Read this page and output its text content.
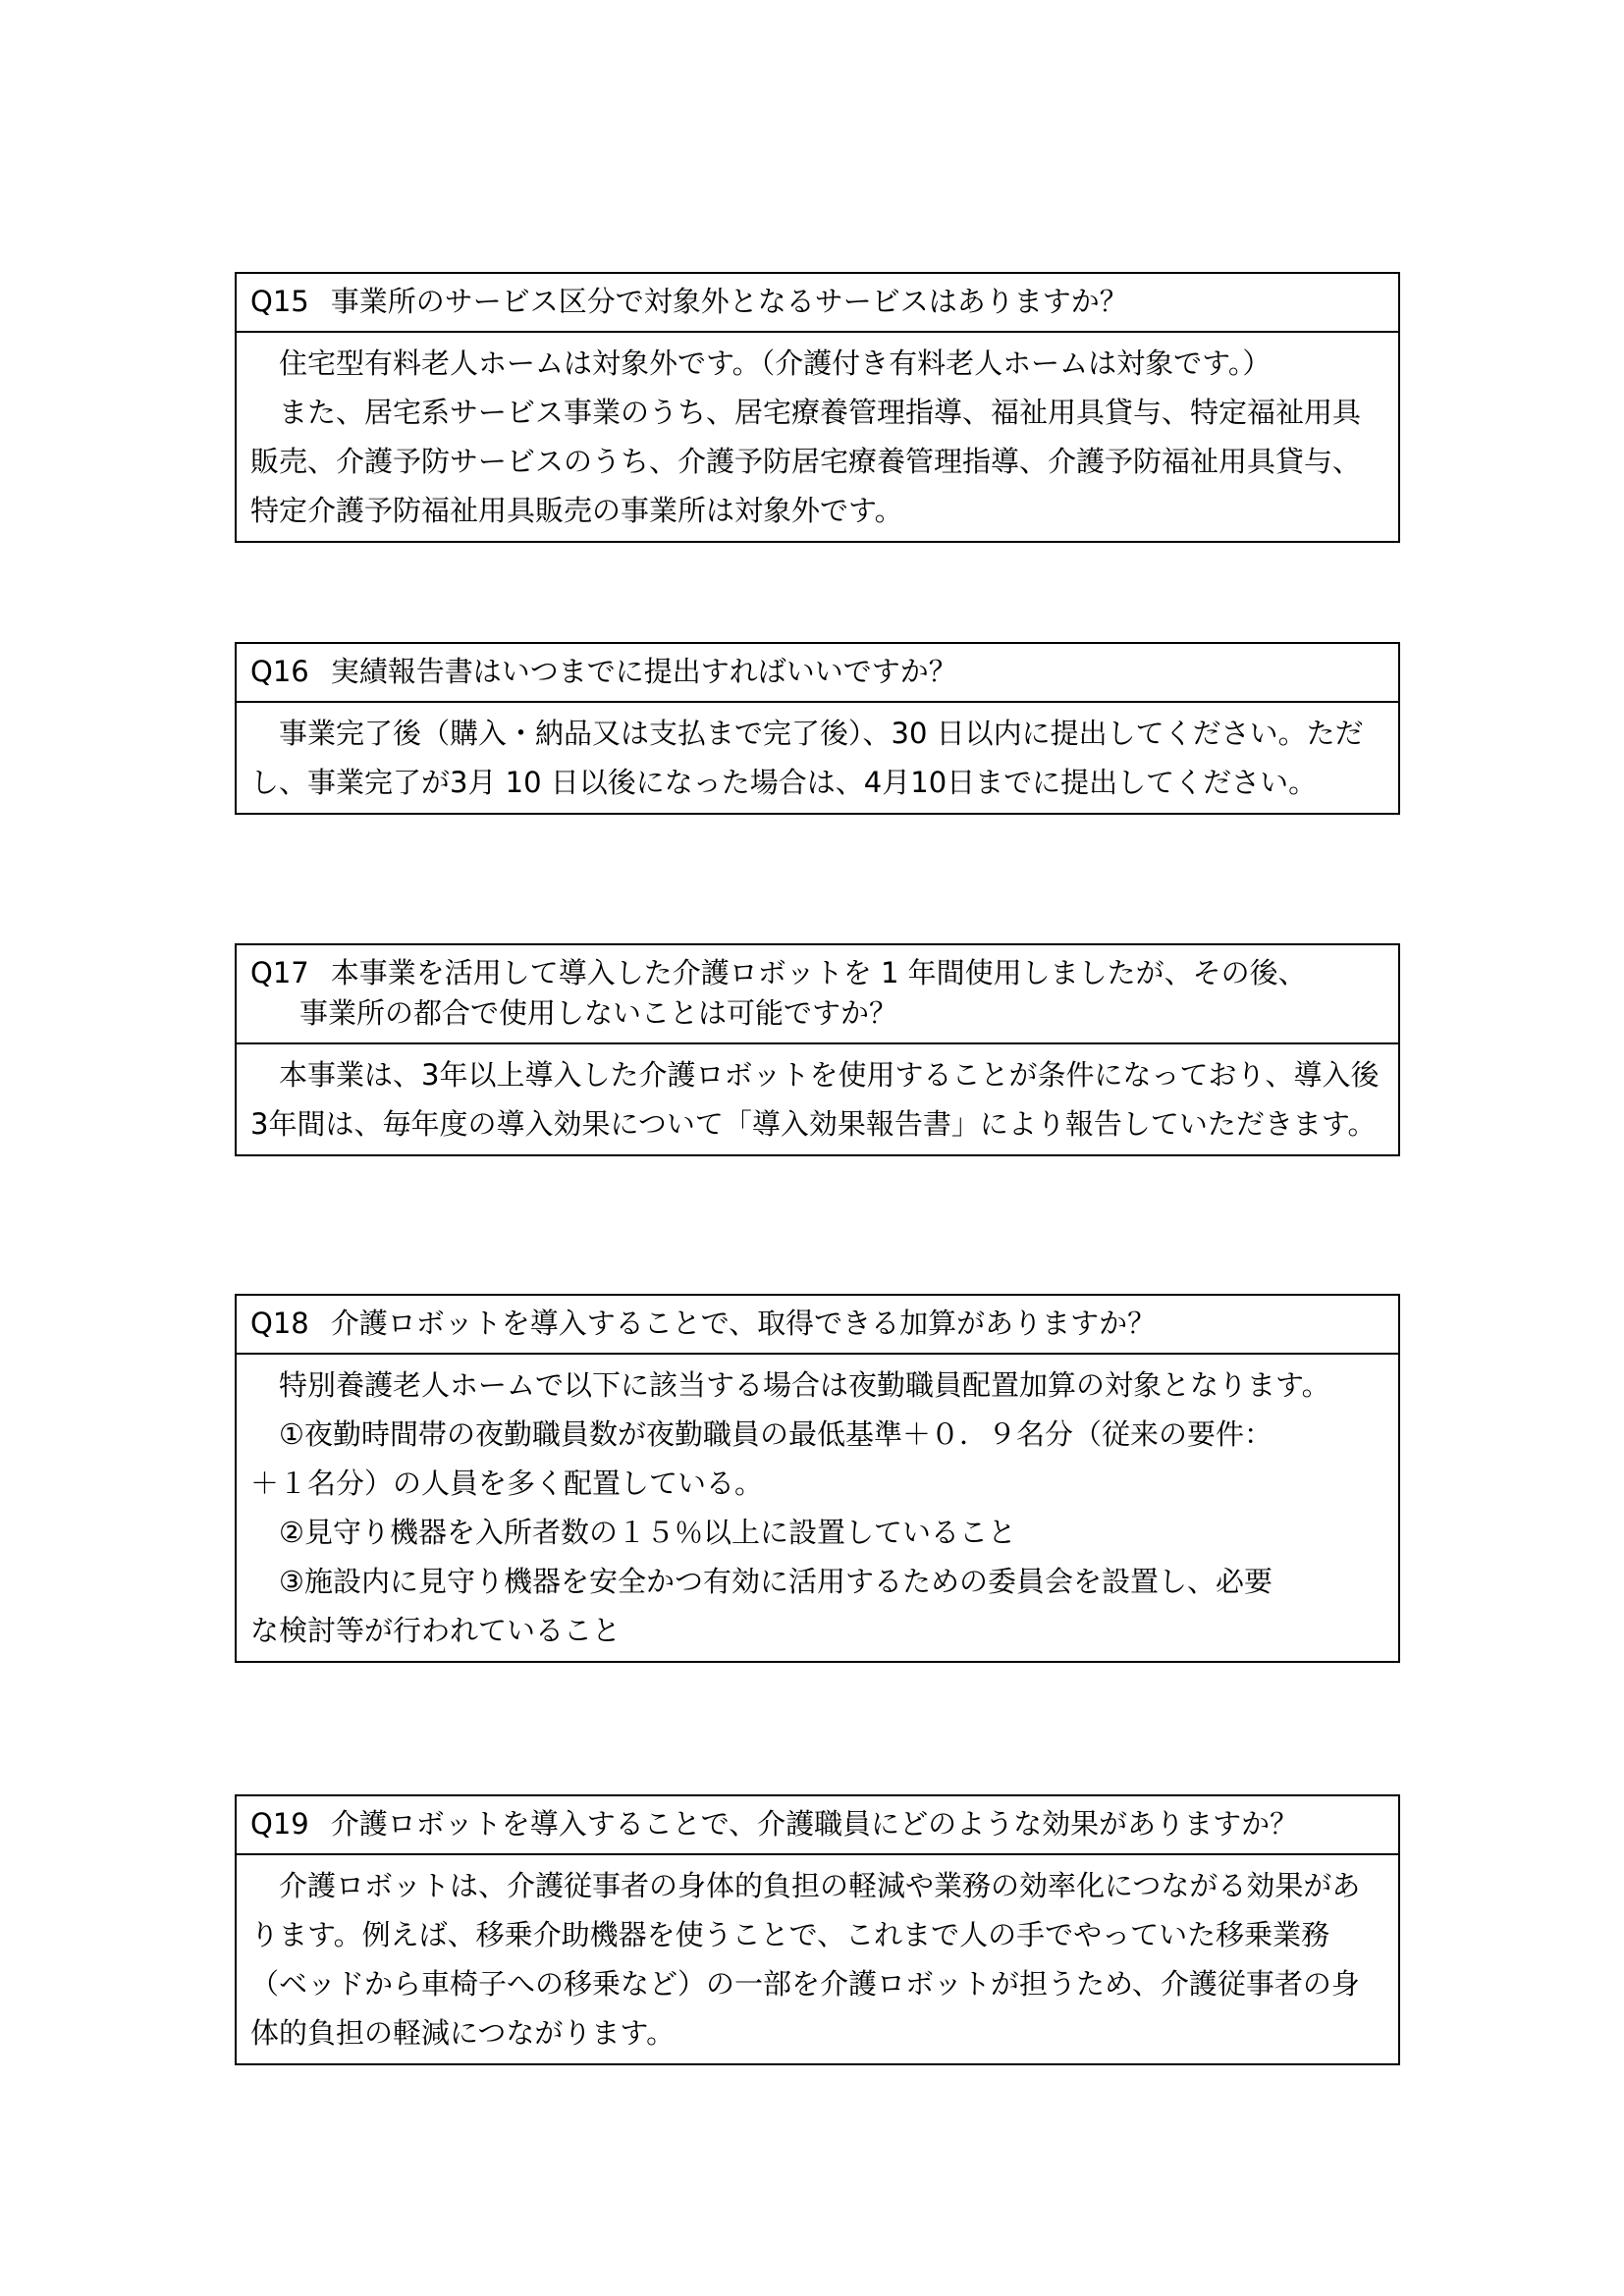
Q15 事業所のサービス区分で対象外となるサービスはありますか？

住宅型有料老人ホームは対象外です。（介護付き有料老人ホームは対象です。）

また、居宅系サービス事業のうち、居宅療養管理指導、福祉用具貸与、特定福祉用具販売、介護予防サービスのうち、介護予防居宅療養管理指導、介護予防福祉用具貸与、特定介護予防福祉用具販売の事業所は対象外です。

Q16 実績報告書はいつまでに提出すればいいですか？

事業完了後（購入・納品又は支払まで完了後）、30 日以内に提出してください。ただし、事業完了が3月 10 日以後になった場合は、4月10日までに提出してください。

Q17 本事業を活用して導入した介護ロボットを 1 年間使用しましたが、その後、
事業所の都合で使用しないことは可能ですか？

本事業は、3年以上導入した介護ロボットを使用することが条件になっており、導入後3年間は、毎年度の導入効果について「導入効果報告書」により報告していただきます。

Q18 介護ロボットを導入することで、取得できる加算がありますか？

特別養護老人ホームで以下に該当する場合は夜勤職員配置加算の対象となります。

①夜勤時間帯の夜勤職員数が夜勤職員の最低基準＋０．９名分（従来の要件：

＋１名分）の人員を多く配置している。

②見守り機器を入所者数の１５％以上に設置していること

③施設内に見守り機器を安全かつ有効に活用するための委員会を設置し、必要

な検討等が行われていること

Q19 介護ロボットを導入することで、介護職員にどのような効果がありますか？

介護ロボットは、介護従事者の身体的負担の軽減や業務の効率化につながる効果があります。例えば、移乗介助機器を使うことで、これまで人の手でやっていた移乗業務（ベッドから車椅子への移乗など）の一部を介護ロボットが担うため、介護従事者の身体的負担の軽減につながります。
